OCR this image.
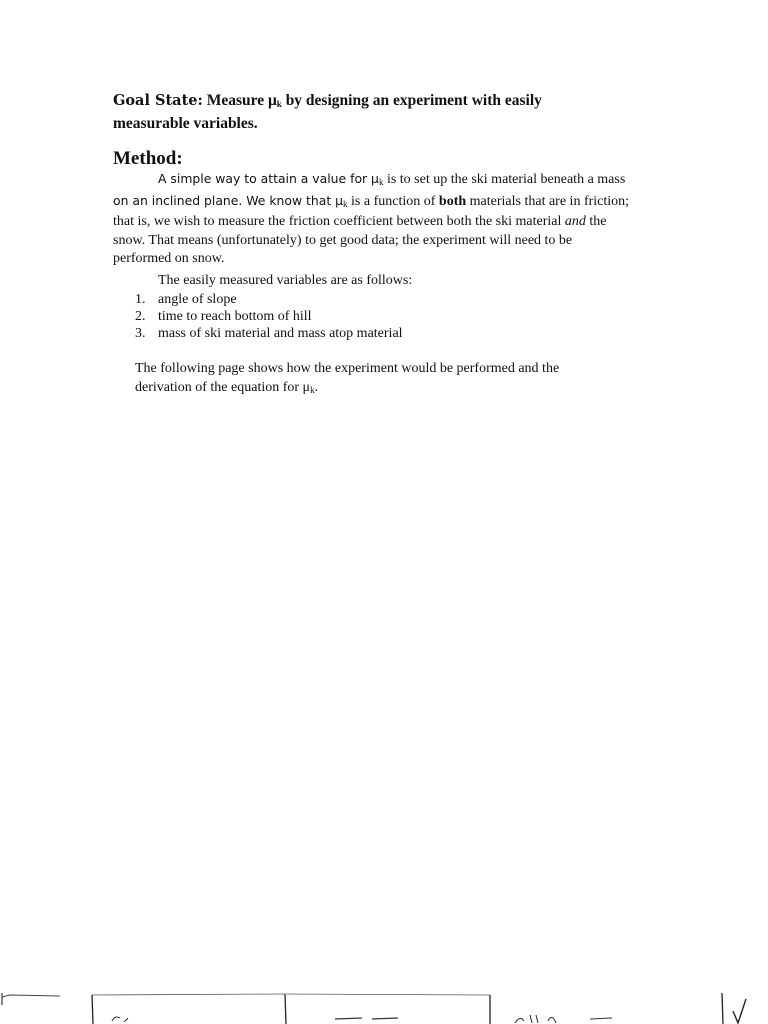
Goal State: Measure $\mu_k$ by designing an experiment with easily
measurable variables.
Method:
A simple way to attain a value for $\mu_k$ is to set up the ski material beneath a mass
on an inclined plane. We know that $\mu_k$ is a function of both materials that are in friction;
that is, we wish to measure the friction coefficient between both the ski material and the
snow. That means (unfortunately) to get good data; the experiment will need to be
performed on snow.
The easily measured variables are as follows:
1. angle of slope
2. time to reach bottom of hill
3. mass of ski material and mass atop material
The following page shows how the experiment would be performed and the
derivation of the equation for $\mu_k$.
